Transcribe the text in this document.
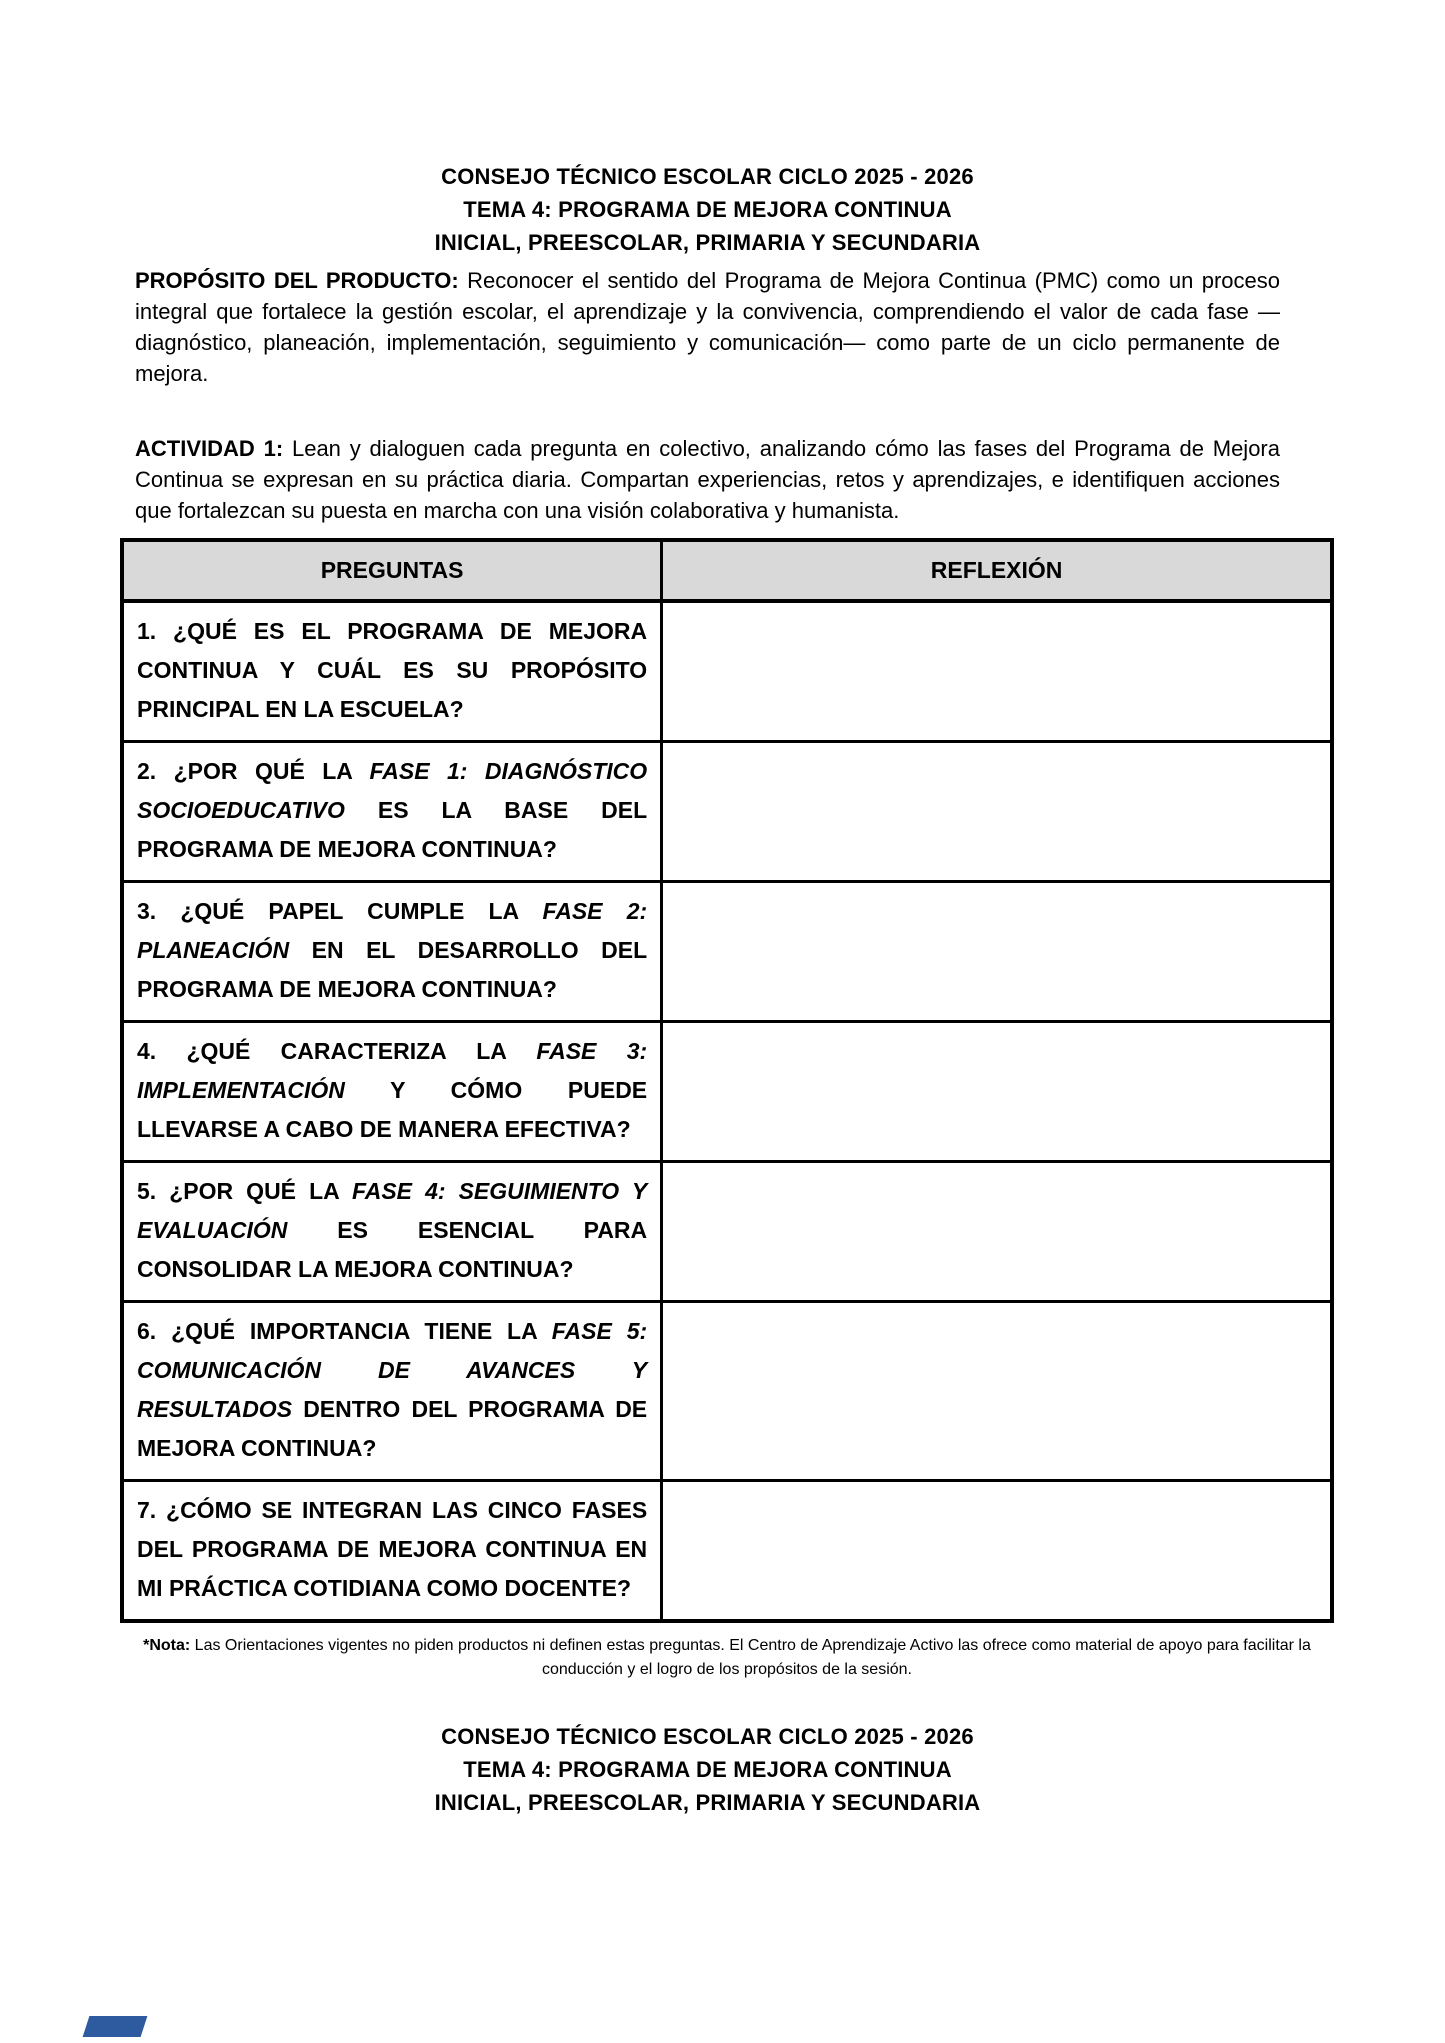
CONSEJO TÉCNICO ESCOLAR CICLO 2025 - 2026
TEMA 4: PROGRAMA DE MEJORA CONTINUA
INICIAL, PREESCOLAR, PRIMARIA Y SECUNDARIA

PROPÓSITO DEL PRODUCTO: Reconocer el sentido del Programa de Mejora Continua (PMC) como un proceso integral que fortalece la gestión escolar, el aprendizaje y la convivencia, comprendiendo el valor de cada fase —diagnóstico, planeación, implementación, seguimiento y comunicación— como parte de un ciclo permanente de mejora.

ACTIVIDAD 1: Lean y dialoguen cada pregunta en colectivo, analizando cómo las fases del Programa de Mejora Continua se expresan en su práctica diaria. Compartan experiencias, retos y aprendizajes, e identifiquen acciones que fortalezcan su puesta en marcha con una visión colaborativa y humanista.

PREGUNTAS	REFLEXIÓN
1. ¿QUÉ ES EL PROGRAMA DE MEJORA CONTINUA Y CUÁL ES SU PROPÓSITO PRINCIPAL EN LA ESCUELA?	
2. ¿POR QUÉ LA FASE 1: DIAGNÓSTICO SOCIOEDUCATIVO ES LA BASE DEL PROGRAMA DE MEJORA CONTINUA?	
3. ¿QUÉ PAPEL CUMPLE LA FASE 2: PLANEACIÓN EN EL DESARROLLO DEL PROGRAMA DE MEJORA CONTINUA?	
4. ¿QUÉ CARACTERIZA LA FASE 3: IMPLEMENTACIÓN Y CÓMO PUEDE LLEVARSE A CABO DE MANERA EFECTIVA?	
5. ¿POR QUÉ LA FASE 4: SEGUIMIENTO Y EVALUACIÓN ES ESENCIAL PARA CONSOLIDAR LA MEJORA CONTINUA?	
6. ¿QUÉ IMPORTANCIA TIENE LA FASE 5: COMUNICACIÓN DE AVANCES Y RESULTADOS DENTRO DEL PROGRAMA DE MEJORA CONTINUA?	
7. ¿CÓMO SE INTEGRAN LAS CINCO FASES DEL PROGRAMA DE MEJORA CONTINUA EN MI PRÁCTICA COTIDIANA COMO DOCENTE?	

*Nota: Las Orientaciones vigentes no piden productos ni definen estas preguntas. El Centro de Aprendizaje Activo las ofrece como material de apoyo para facilitar la conducción y el logro de los propósitos de la sesión.

CONSEJO TÉCNICO ESCOLAR CICLO 2025 - 2026
TEMA 4: PROGRAMA DE MEJORA CONTINUA
INICIAL, PREESCOLAR, PRIMARIA Y SECUNDARIA
